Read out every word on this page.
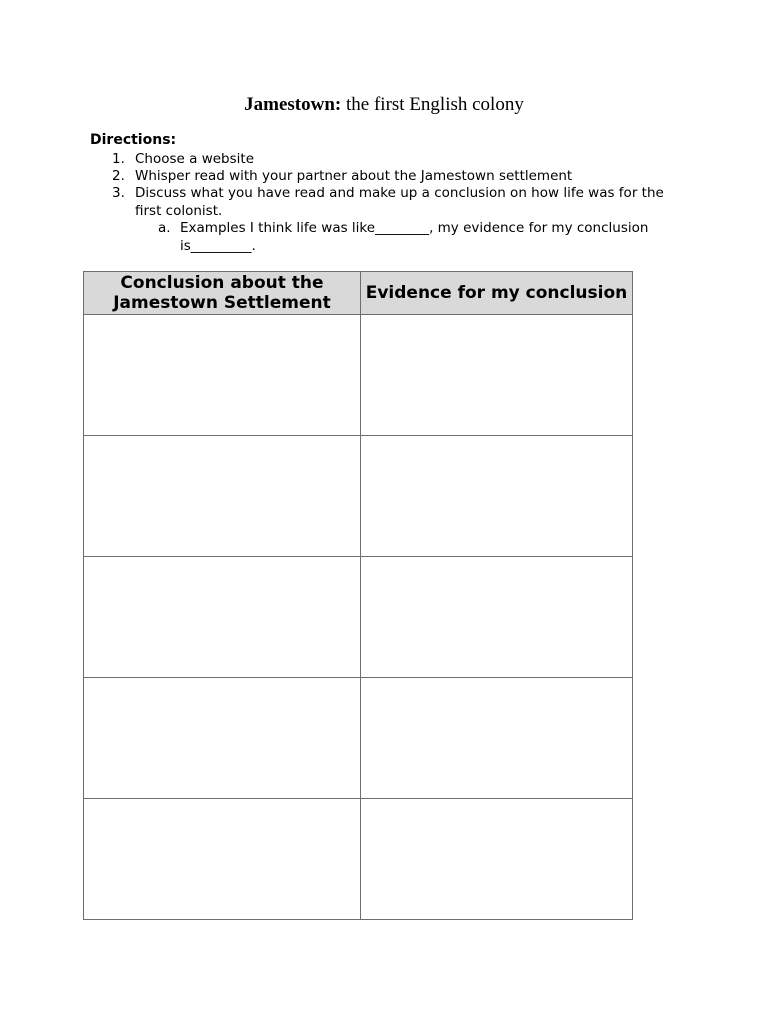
Jamestown: the first English colony
Directions:
1. Choose a website
2. Whisper read with your partner about the Jamestown settlement
3. Discuss what you have read and make up a conclusion on how life was for the
first colonist.
a. Examples I think life was like________, my evidence for my conclusion
is_________.
Conclusion about the Jamestown Settlement	Evidence for my conclusion
